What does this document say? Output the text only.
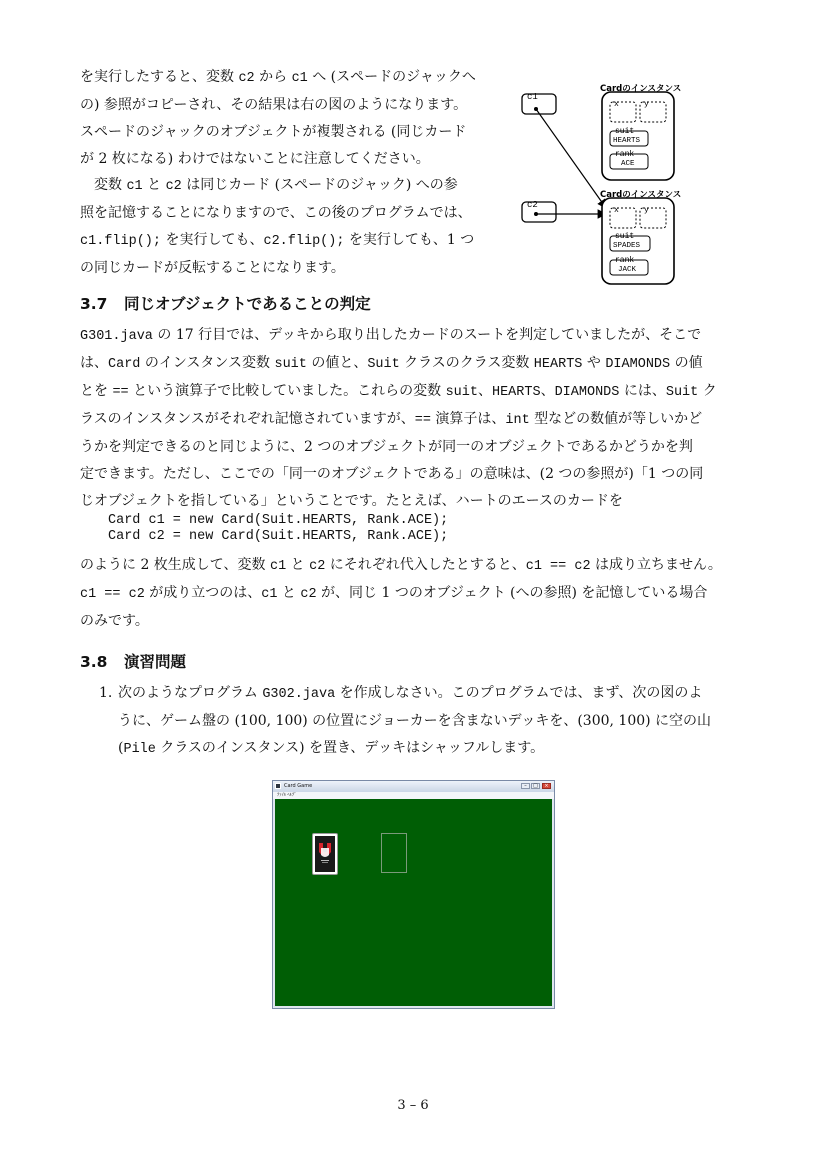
を実行したすると、変数 c2 から c1 へ (スペードのジャックへ
の) 参照がコピーされ、その結果は右の図のようになります。
スペードのジャックのオブジェクトが複製される (同じカード
が 2 枚になる) わけではないことに注意してください。
変数 c1 と c2 は同じカード (スペードのジャック) への参
照を記憶することになりますので、この後のプログラムでは、
c1.flip(); を実行しても、c2.flip(); を実行しても、1 つ
の同じカードが反転することになります。
c1
c2
Cardのインスタンス
x	y
suit
HEARTS
rank
ACE
Cardのインスタンス
x	y
suit
SPADES
rank
JACK
3.7 同じオブジェクトであることの判定
G301.java の 17 行目では、デッキから取り出したカードのスートを判定していましたが、そこで
は、Card のインスタンス変数 suit の値と、Suit クラスのクラス変数 HEARTS や DIAMONDS の値
とを == という演算子で比較していました。これらの変数 suit、HEARTS、DIAMONDS には、Suit ク
ラスのインスタンスがそれぞれ記憶されていますが、== 演算子は、int 型などの数値が等しいかど
うかを判定できるのと同じように、2 つのオブジェクトが同一のオブジェクトであるかどうかを判
定できます。ただし、ここでの「同一のオブジェクトである」の意味は、(2 つの参照が)「1 つの同
じオブジェクトを指している」ということです。たとえば、ハートのエースのカードを
Card c1 = new Card(Suit.HEARTS, Rank.ACE);
Card c2 = new Card(Suit.HEARTS, Rank.ACE);
のように 2 枚生成して、変数 c1 と c2 にそれぞれ代入したとすると、c1 == c2 は成り立ちません。
c1 == c2 が成り立つのは、c1 と c2 が、同じ 1 つのオブジェクト (への参照) を記憶している場合
のみです。
3.8 演習問題
1. 次のようなプログラム G302.java を作成しなさい。このプログラムでは、まず、次の図のよ
うに、ゲーム盤の (100, 100) の位置にジョーカーを含まないデッキを、(300, 100) に空の山
(Pile クラスのインスタンス) を置き、デッキはシャッフルします。
Card Game	–	□	×
ﾌｧｲﾙ ﾍﾙﾌﾟ
3 – 6
